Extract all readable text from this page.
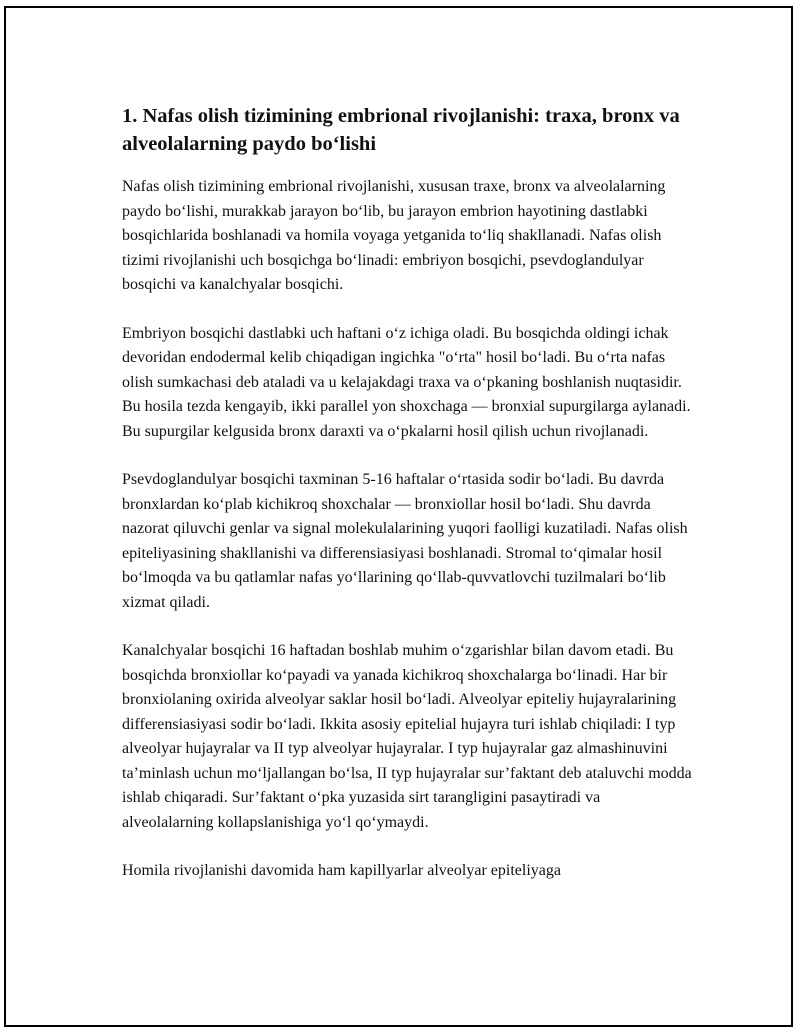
1. Nafas olish tizimining embrional rivojlanishi: traxa, bronx va alveolalarning paydo bo‘lishi

Nafas olish tizimining embrional rivojlanishi, xususan traxe, bronx va alveolalarning paydo bo‘lishi, murakkab jarayon bo‘lib, bu jarayon embrion hayotining dastlabki bosqichlarida boshlanadi va homila voyaga yetganida to‘liq shakllanadi. Nafas olish tizimi rivojlanishi uch bosqichga bo‘linadi: embriyon bosqichi, psevdoglandulyar bosqichi va kanalchyalar bosqichi.

Embriyon bosqichi dastlabki uch haftani o‘z ichiga oladi. Bu bosqichda oldingi ichak devoridan endodermal kelib chiqadigan ingichka "o‘rta" hosil bo‘ladi. Bu o‘rta nafas olish sumkachasi deb ataladi va u kelajakdagi traxa va o‘pkaning boshlanish nuqtasidir. Bu hosila tezda kengayib, ikki parallel yon shoxchaga — bronxial supurgilarga aylanadi. Bu supurgilar kelgusida bronx daraxti va o‘pkalarni hosil qilish uchun rivojlanadi.

Psevdoglandulyar bosqichi taxminan 5-16 haftalar o‘rtasida sodir bo‘ladi. Bu davrda bronxlardan ko‘plab kichikroq shoxchalar — bronxiollar hosil bo‘ladi. Shu davrda nazorat qiluvchi genlar va signal molekulalarining yuqori faolligi kuzatiladi. Nafas olish epiteliyasining shakllanishi va differensiasiyasi boshlanadi. Stromal to‘qimalar hosil bo‘lmoqda va bu qatlamlar nafas yo‘llarining qo‘llab-quvvatlovchi tuzilmalari bo‘lib xizmat qiladi.

Kanalchyalar bosqichi 16 haftadan boshlab muhim o‘zgarishlar bilan davom etadi. Bu bosqichda bronxiollar ko‘payadi va yanada kichikroq shoxchalarga bo‘linadi. Har bir bronxiolaning oxirida alveolyar saklar hosil bo‘ladi. Alveolyar epiteliy hujayralarining differensiasiyasi sodir bo‘ladi. Ikkita asosiy epitelial hujayra turi ishlab chiqiladi: I typ alveolyar hujayralar va II typ alveolyar hujayralar. I typ hujayralar gaz almashinuvini ta’minlash uchun mo‘ljallangan bo‘lsa, II typ hujayralar sur’faktant deb ataluvchi modda ishlab chiqaradi. Sur’faktant o‘pka yuzasida sirt tarangligini pasaytiradi va alveolalarning kollapslanishiga yo‘l qo‘ymaydi.

Homila rivojlanishi davomida ham kapillyarlar alveolyar epiteliyaga
